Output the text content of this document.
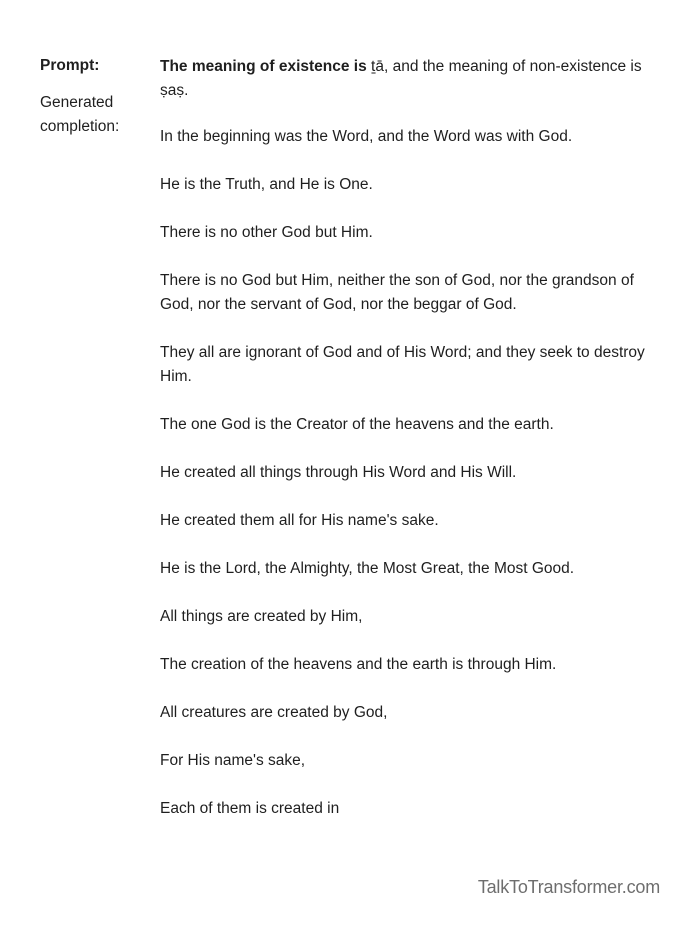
Prompt:
Generated completion:

The meaning of existence is ṯā, and the meaning of non-existence is ṣaṣ.

In the beginning was the Word, and the Word was with God.

He is the Truth, and He is One.

There is no other God but Him.

There is no God but Him, neither the son of God, nor the grandson of God, nor the servant of God, nor the beggar of God.

They all are ignorant of God and of His Word; and they seek to destroy Him.

The one God is the Creator of the heavens and the earth.

He created all things through His Word and His Will.

He created them all for His name's sake.

He is the Lord, the Almighty, the Most Great, the Most Good.

All things are created by Him,

The creation of the heavens and the earth is through Him.

All creatures are created by God,

For His name's sake,

Each of them is created in

TalkToTransformer.com
